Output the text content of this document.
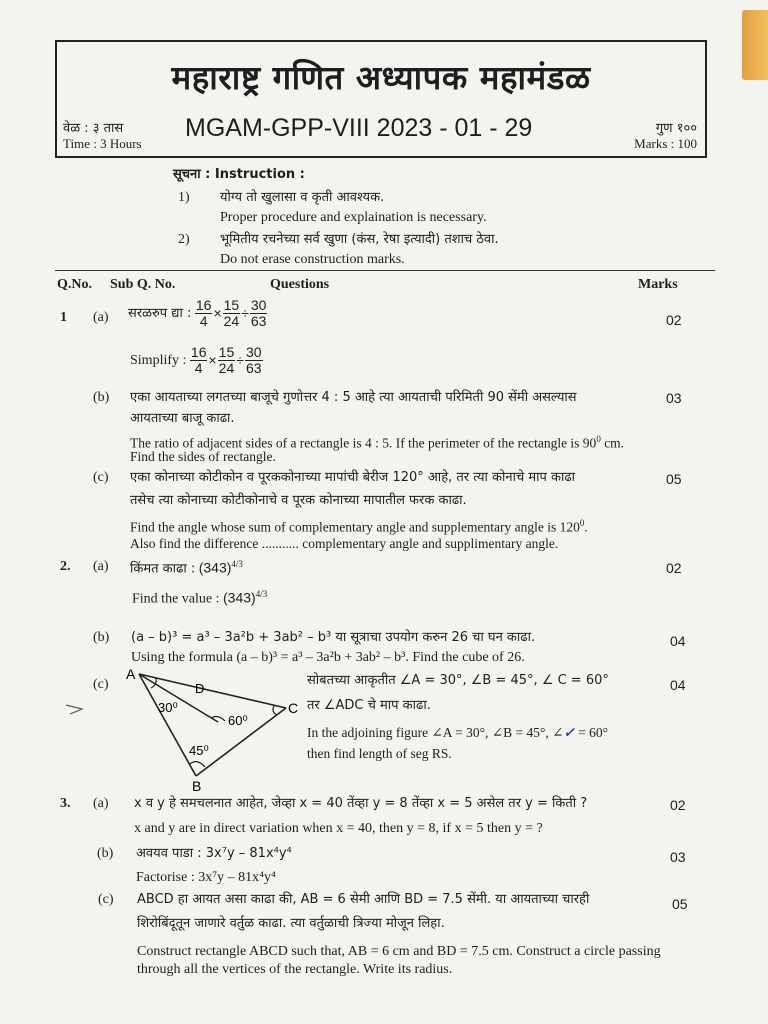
महाराष्ट्र गणित अध्यापक महामंडळ
MGAM-GPP-VIII 2023 - 01 - 29
वेळ : ३ तास
Time : 3 Hours
गुण १००
Marks : 100
सूचना : Instruction :
1) योग्य तो खुलासा व कृती आवश्यक.
Proper procedure and explaination is necessary.
2) भूमितीय रचनेच्या सर्व खुणा (कंस, रेषा इत्यादी) तशाच ठेवा.
Do not erase construction marks.
Q.No. Sub Q. No.	Questions	Marks
1 (a) सरळरुप द्या : $\frac{16}{4} \times \frac{15}{24} \div \frac{30}{63}$	02
Simplify : $\frac{16}{4} \times \frac{15}{24} \div \frac{30}{63}$
(b) एका आयताच्या लगतच्या बाजूचे गुणोत्तर 4 : 5 आहे त्या आयताची परिमिती 90 सेंमी असल्यास
आयताच्या बाजू काढा.
The ratio of adjacent sides of a rectangle is 4 : 5. If the perimeter of the rectangle is $90^0$ cm.
Find the sides of rectangle.
03
(c) एका कोनाच्या कोटीकोन व पूरककोनाच्या मापांची बेरीज 120° आहे, तर त्या कोनाचे माप काढा
तसेच त्या कोनाच्या कोटीकोनाचे व पूरक कोनाच्या मापातील फरक काढा.
Find the angle whose sum of complementary angle and supplementary angle is $120^0$.
Also find the difference ........... complementary angle and supplimentary angle.
05
2. (a) किंमत काढा : $(343)^{4/3}$	02
Find the value : $(343)^{4/3}$
(b) (a – b)³ = a³ – 3a²b + 3ab² – b³ या सूत्राचा उपयोग करुन 26 चा घन काढा.
Using the formula (a – b)³ = a³ – 3a²b + 3ab² – b³. Find the cube of 26.
04
(c)
A
C
B
D
30⁰
60⁰
45⁰
सोबतच्या आकृतीत ∠A = 30°, ∠B = 45°, ∠ C = 60°
तर ∠ADC चे माप काढा.
In the adjoining figure ∠A = 30°, ∠B = 45°, ∠✓ = 60°
then find length of seg RS.
04
3. (a) x व y हे समचलनात आहेत, जेव्हा x = 40 तेंव्हा y = 8 तेंव्हा x = 5 असेल तर y = किती ?
x and y are in direct variation when x = 40, then y = 8, if x = 5 then y = ?
02
(b) अवयव पाडा : 3x⁷y – 81x⁴y⁴
Factorise : 3x⁷y – 81x⁴y⁴
03
(c) ABCD हा आयत असा काढा की, AB = 6 सेमी आणि BD = 7.5 सेंमी. या आयताच्या चारही
शिरोबिंदूतून जाणारे वर्तुळ काढा. त्या वर्तुळाची त्रिज्या मोजून लिहा.
Construct rectangle ABCD such that, AB = 6 cm and BD = 7.5 cm. Construct a circle passing
through all the vertices of the rectangle. Write its radius.
05
